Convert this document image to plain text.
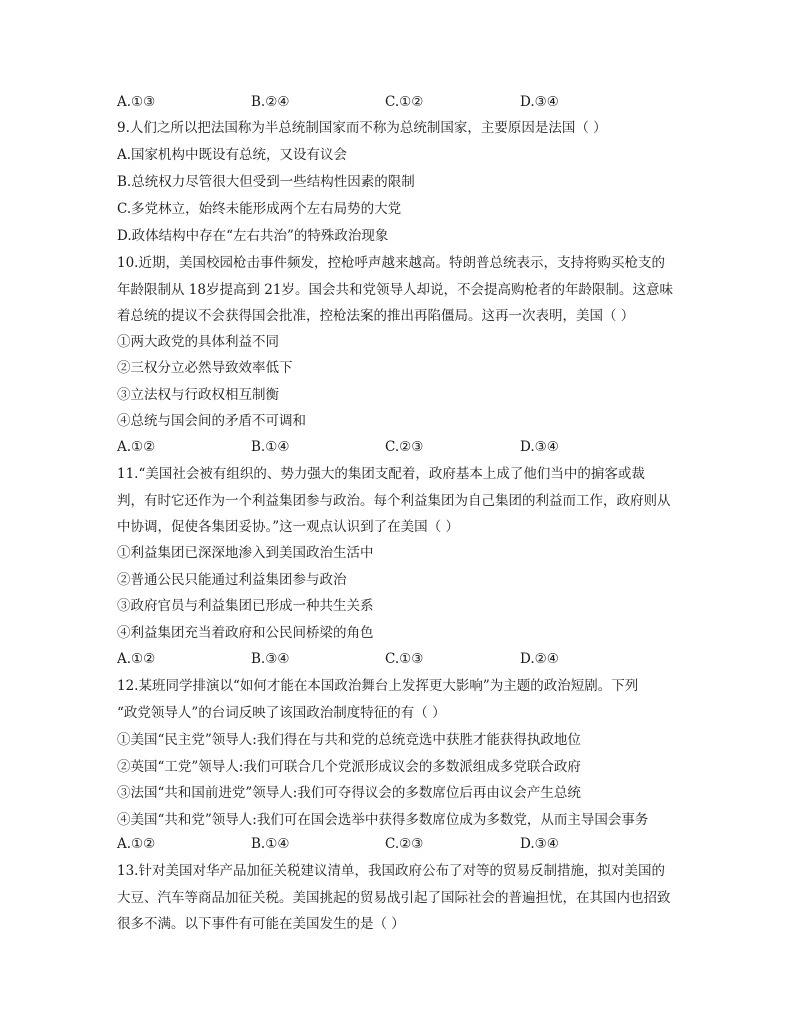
A.①③	B.②④	C.①②	D.③④
9.人们之所以把法国称为半总统制国家而不称为总统制国家，主要原因是法国（ ）
A.国家机构中既设有总统，又设有议会
B.总统权力尽管很大但受到一些结构性因素的限制
C.多党林立，始终未能形成两个左右局势的大党
D.政体结构中存在“左右共治”的特殊政治现象
10.近期，美国校园枪击事件频发，控枪呼声越来越高。特朗普总统表示，支持将购买枪支的
年龄限制从 18岁提高到 21岁。国会共和党领导人却说，不会提高购枪者的年龄限制。这意味
着总统的提议不会获得国会批准，控枪法案的推出再陷僵局。这再一次表明，美国（ ）
①两大政党的具体利益不同
②三权分立必然导致效率低下
③立法权与行政权相互制衡
④总统与国会间的矛盾不可调和
A.①②	B.①④	C.②③	D.③④
11.“美国社会被有组织的、势力强大的集团支配着，政府基本上成了他们当中的掮客或裁
判，有时它还作为一个利益集团参与政治。每个利益集团为自己集团的利益而工作，政府则从
中协调，促使各集团妥协。”这一观点认识到了在美国（ ）
①利益集团已深深地渗入到美国政治生活中
②普通公民只能通过利益集团参与政治
③政府官员与利益集团已形成一种共生关系
④利益集团充当着政府和公民间桥梁的角色
A.①②	B.③④	C.①③	D.②④
12.某班同学排演以“如何才能在本国政治舞台上发挥更大影响”为主题的政治短剧。下列
“政党领导人”的台词反映了该国政治制度特征的有（ ）
①美国“民主党”领导人:我们得在与共和党的总统竞选中获胜才能获得执政地位
②英国“工党”领导人:我们可联合几个党派形成议会的多数派组成多党联合政府
③法国“共和国前进党”领导人:我们可夺得议会的多数席位后再由议会产生总统
④美国“共和党”领导人:我们可在国会选举中获得多数席位成为多数党，从而主导国会事务
A.①②	B.①④	C.②③	D.③④
13.针对美国对华产品加征关税建议清单，我国政府公布了对等的贸易反制措施，拟对美国的
大豆、汽车等商品加征关税。美国挑起的贸易战引起了国际社会的普遍担忧，在其国内也招致
很多不满。以下事件有可能在美国发生的是（ ）
